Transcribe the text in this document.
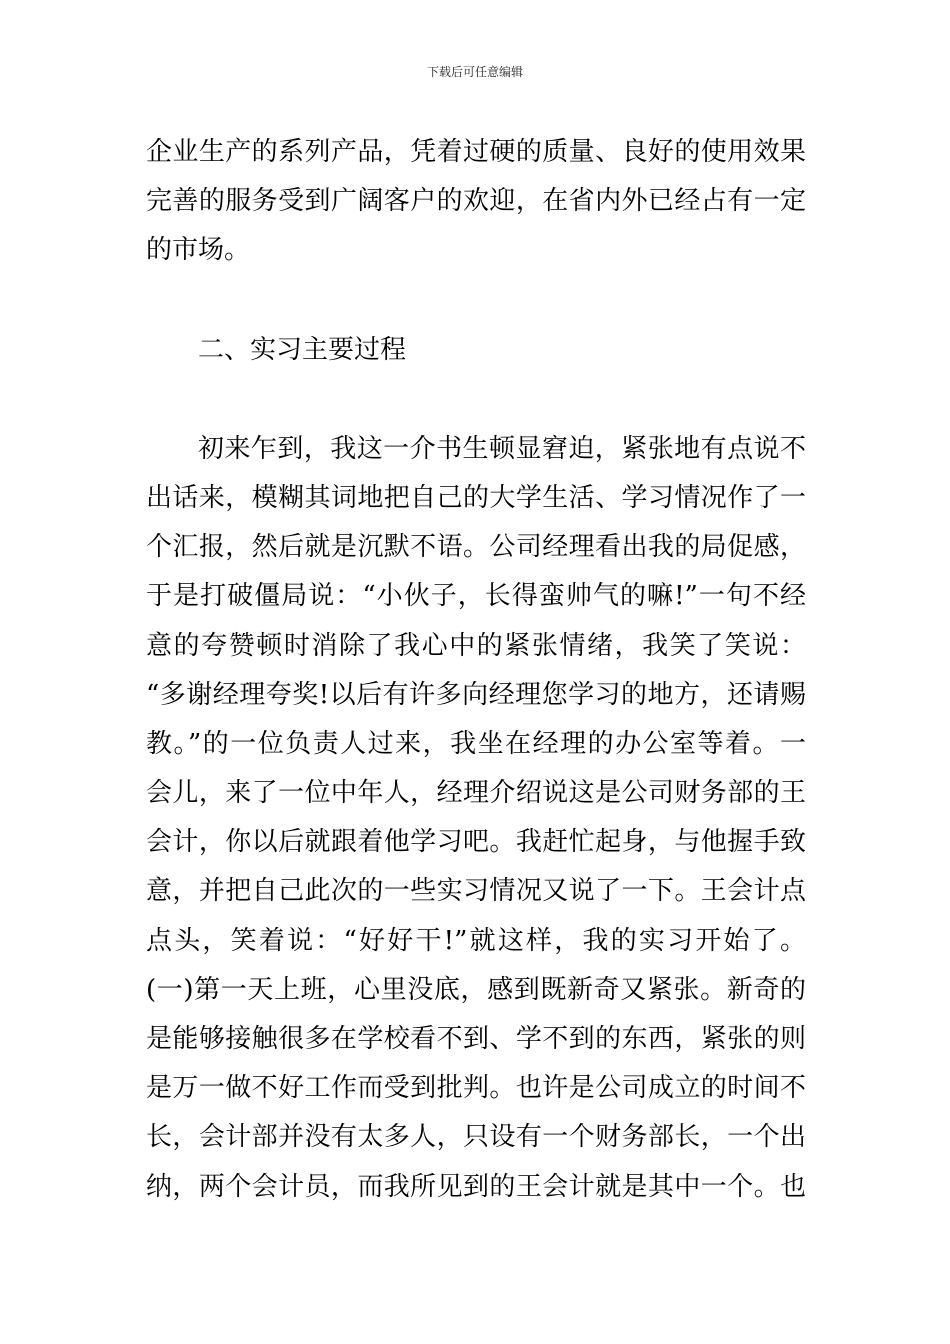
下载后可任意编辑
企业生产的系列产品，凭着过硬的质量、良好的使用效果
完善的服务受到广阔客户的欢迎，在省内外已经占有一定
的市场。
二、实习主要过程
初来乍到，我这一介书生顿显窘迫，紧张地有点说不
出话来，模糊其词地把自己的大学生活、学习情况作了一
个汇报，然后就是沉默不语。公司经理看出我的局促感，
于是打破僵局说：“小伙子，长得蛮帅气的嘛!”一句不经
意的夸赞顿时消除了我心中的紧张情绪，我笑了笑说：
“多谢经理夸奖!以后有许多向经理您学习的地方，还请赐
教。”的一位负责人过来，我坐在经理的办公室等着。一
会儿，来了一位中年人，经理介绍说这是公司财务部的王
会计，你以后就跟着他学习吧。我赶忙起身，与他握手致
意，并把自己此次的一些实习情况又说了一下。王会计点
点头，笑着说：“好好干!”就这样，我的实习开始了。
(一)第一天上班，心里没底，感到既新奇又紧张。新奇的
是能够接触很多在学校看不到、学不到的东西，紧张的则
是万一做不好工作而受到批判。也许是公司成立的时间不
长，会计部并没有太多人，只设有一个财务部长，一个出
纳，两个会计员，而我所见到的王会计就是其中一个。也
